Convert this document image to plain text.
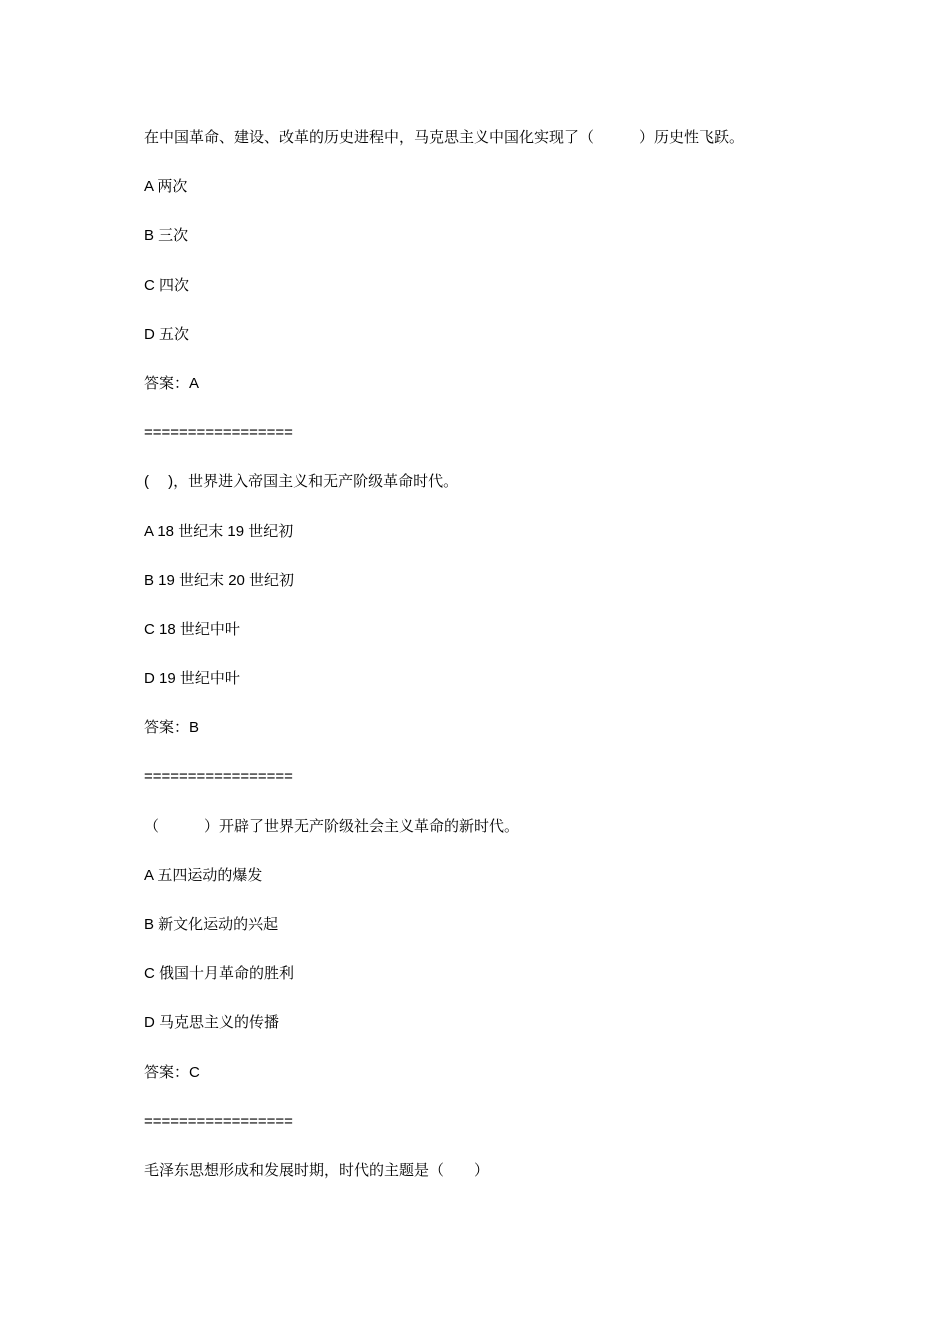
在中国革命、建设、改革的历史进程中，马克思主义中国化实现了（　　　）历史性飞跃。
A 两次
B 三次
C 四次
D 五次
答案：A
=================
(　 )，世界进入帝国主义和无产阶级革命时代。
A 18 世纪末 19 世纪初
B 19 世纪末 20 世纪初
C 18 世纪中叶
D 19 世纪中叶
答案：B
=================
（　　　）开辟了世界无产阶级社会主义革命的新时代。
A 五四运动的爆发
B 新文化运动的兴起
C 俄国十月革命的胜利
D 马克思主义的传播
答案：C
=================
毛泽东思想形成和发展时期，时代的主题是（　　）
